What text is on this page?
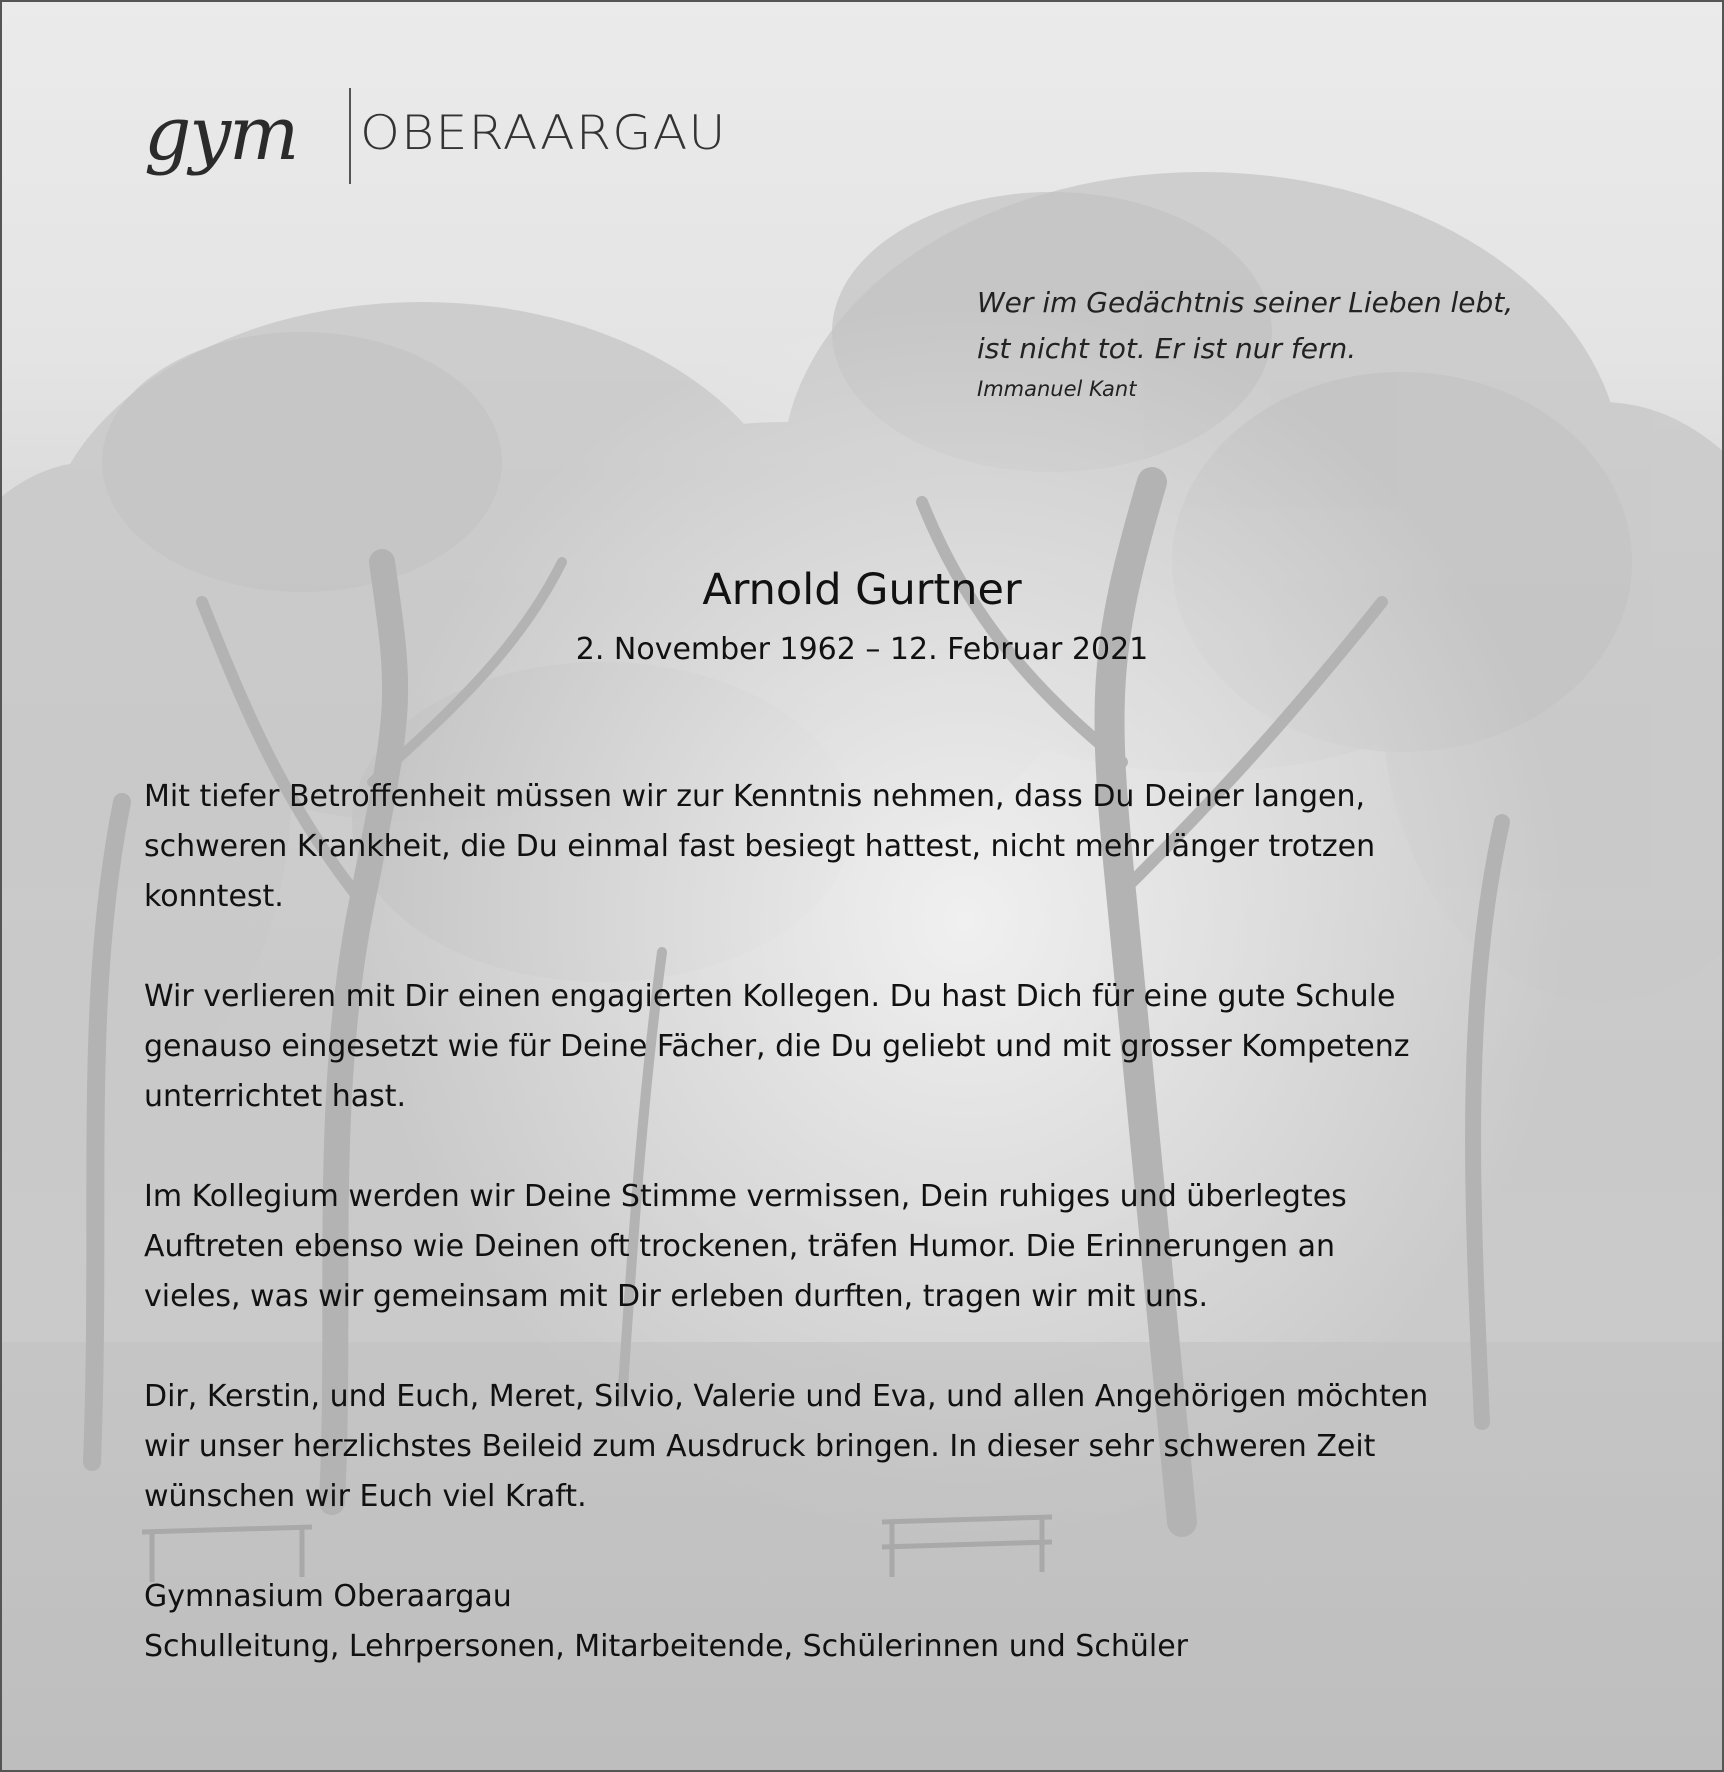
gym OBERAARGAU
Wer im Gedächtnis seiner Lieben lebt,
ist nicht tot. Er ist nur fern.
Immanuel Kant
Arnold Gurtner
2. November 1962 – 12. Februar 2021
Mit tiefer Betroffenheit müssen wir zur Kenntnis nehmen, dass Du Deiner langen,
schweren Krankheit, die Du einmal fast besiegt hattest, nicht mehr länger trotzen
konntest.
Wir verlieren mit Dir einen engagierten Kollegen. Du hast Dich für eine gute Schule
genauso eingesetzt wie für Deine Fächer, die Du geliebt und mit grosser Kompetenz
unterrichtet hast.
Im Kollegium werden wir Deine Stimme vermissen, Dein ruhiges und überlegtes
Auftreten ebenso wie Deinen oft trockenen, träfen Humor. Die Erinnerungen an
vieles, was wir gemeinsam mit Dir erleben durften, tragen wir mit uns.
Dir, Kerstin, und Euch, Meret, Silvio, Valerie und Eva, und allen Angehörigen möchten
wir unser herzlichstes Beileid zum Ausdruck bringen. In dieser sehr schweren Zeit
wünschen wir Euch viel Kraft.
Gymnasium Oberaargau
Schulleitung, Lehrpersonen, Mitarbeitende, Schülerinnen und Schüler
